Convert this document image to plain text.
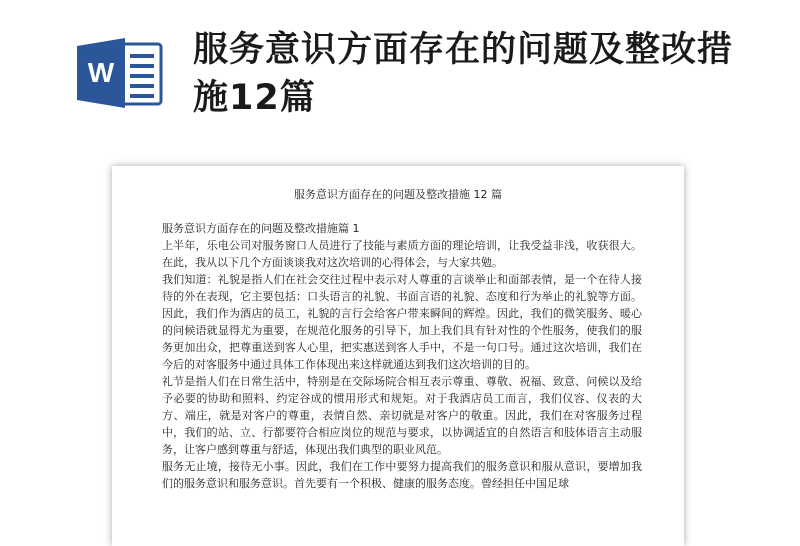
W
服务意识方面存在的问题及整改措施12篇
服务意识方面存在的问题及整改措施 12 篇

服务意识方面存在的问题及整改措施篇 1

上半年，乐电公司对服务窗口人员进行了技能与素质方面的理论培训，让我受益非浅，收获很大。在此，我从以下几个方面谈谈我对这次培训的心得体会，与大家共勉。

我们知道：礼貌是指人们在社会交往过程中表示对人尊重的言谈举止和面部表情，是一个在待人接待的外在表现，它主要包括：口头语言的礼貌、书面言语的礼貌、态度和行为举止的礼貌等方面。因此，我们作为酒店的员工，礼貌的言行会给客户带来瞬间的辉煌。因此，我们的微笑服务、暖心的问候语就显得尤为重要，在规范化服务的引导下，加上我们具有针对性的个性服务，使我们的服务更加出众，把尊重送到客人心里，把实惠送到客人手中，不是一句口号。通过这次培训，我们在今后的对客服务中通过具体工作体现出来这样就通达到我们这次培训的目的。

礼节是指人们在日常生活中，特别是在交际场院合相互表示尊重、尊敬、祝福、致意、问候以及给予必要的协助和照料、约定谷成的惯用形式和规矩。对于我酒店员工而言，我们仪容、仪表的大方、端庄，就是对客户的尊重，表情自然、亲切就是对客户的敬重。因此，我们在对客服务过程中，我们的站、立、行都要符合相应岗位的规范与要求，以协调适宜的自然语言和肢体语言主动服务，让客户感到尊重与舒适，体现出我们典型的职业风范。

服务无止境，接待无小事。因此，我们在工作中要努力提高我们的服务意识和服从意识，要增加我们的服务意识和服务意识。首先要有一个积极、健康的服务态度。曾经担任中国足球
